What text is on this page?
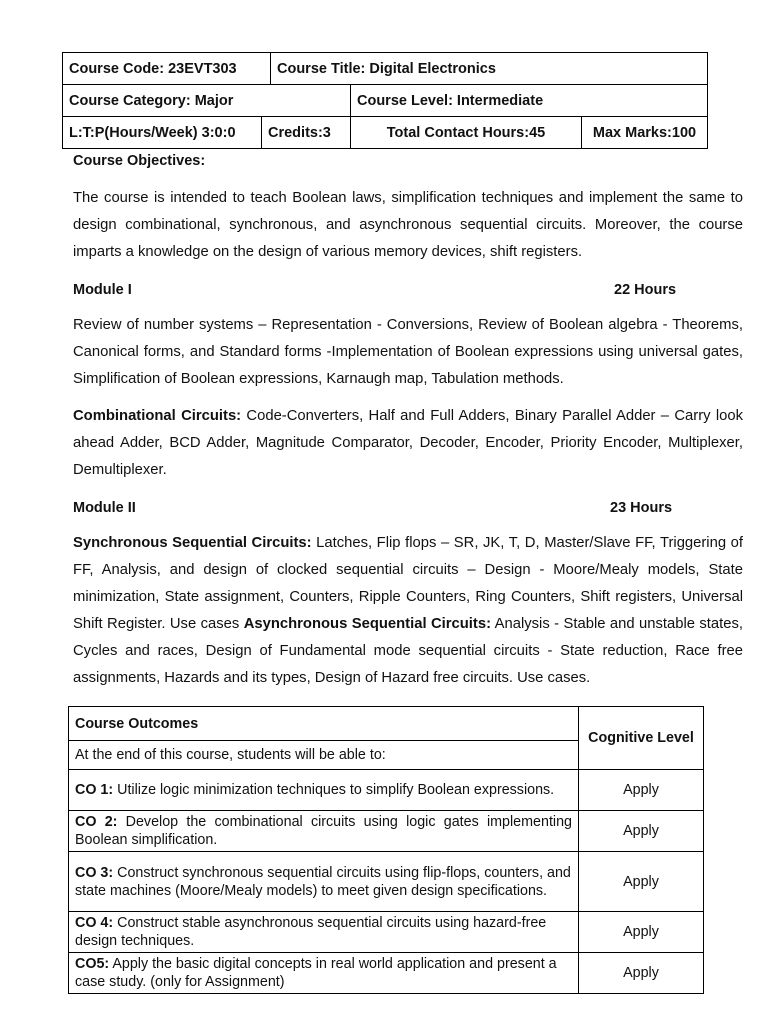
Course Code: 23EVT303	Course Title: Digital Electronics
Course Category: Major	Course Level: Intermediate
L:T:P(Hours/Week) 3:0:0	Credits:3	Total Contact Hours:45	Max Marks:100
Course Objectives:
The course is intended to teach Boolean laws, simplification techniques and implement the same to design combinational, synchronous, and asynchronous sequential circuits. Moreover, the course imparts a knowledge on the design of various memory devices, shift registers.
Module I	22 Hours
Review of number systems – Representation - Conversions, Review of Boolean algebra - Theorems, Canonical forms, and Standard forms -Implementation of Boolean expressions using universal gates, Simplification of Boolean expressions, Karnaugh map, Tabulation methods.
Combinational Circuits: Code-Converters, Half and Full Adders, Binary Parallel Adder – Carry look ahead Adder, BCD Adder, Magnitude Comparator, Decoder, Encoder, Priority Encoder, Multiplexer, Demultiplexer.
Module II	23 Hours
Synchronous Sequential Circuits: Latches, Flip flops – SR, JK, T, D, Master/Slave FF, Triggering of FF, Analysis, and design of clocked sequential circuits – Design - Moore/Mealy models, State minimization, State assignment, Counters, Ripple Counters, Ring Counters, Shift registers, Universal Shift Register. Use cases Asynchronous Sequential Circuits: Analysis - Stable and unstable states, Cycles and races, Design of Fundamental mode sequential circuits - State reduction, Race free assignments, Hazards and its types, Design of Hazard free circuits. Use cases.
Course Outcomes	Cognitive Level
At the end of this course, students will be able to:	
CO 1: Utilize logic minimization techniques to simplify Boolean expressions.	Apply
CO 2: Develop the combinational circuits using logic gates implementing Boolean simplification.	Apply
CO 3: Construct synchronous sequential circuits using flip-flops, counters, and state machines (Moore/Mealy models) to meet given design specifications.	Apply
CO 4: Construct stable asynchronous sequential circuits using hazard-free design techniques.	Apply
CO5: Apply the basic digital concepts in real world application and present a case study. (only for Assignment)	Apply
